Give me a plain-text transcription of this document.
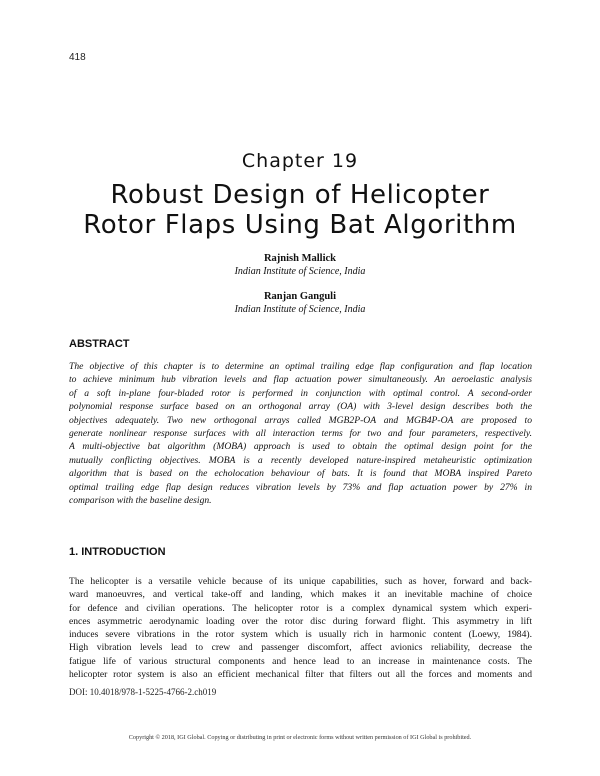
418
Chapter 19
Robust Design of Helicopter
Rotor Flaps Using Bat Algorithm
Rajnish Mallick
Indian Institute of Science, India
Ranjan Ganguli
Indian Institute of Science, India
ABSTRACT
The objective of this chapter is to determine an optimal trailing edge flap configuration and flap location
to achieve minimum hub vibration levels and flap actuation power simultaneously. An aeroelastic analysis
of a soft in-plane four-bladed rotor is performed in conjunction with optimal control. A second-order
polynomial response surface based on an orthogonal array (OA) with 3-level design describes both the
objectives adequately. Two new orthogonal arrays called MGB2P-OA and MGB4P-OA are proposed to
generate nonlinear response surfaces with all interaction terms for two and four parameters, respectively.
A multi-objective bat algorithm (MOBA) approach is used to obtain the optimal design point for the
mutually conflicting objectives. MOBA is a recently developed nature-inspired metaheuristic optimization
algorithm that is based on the echolocation behaviour of bats. It is found that MOBA inspired Pareto
optimal trailing edge flap design reduces vibration levels by 73% and flap actuation power by 27% in
comparison with the baseline design.
1. INTRODUCTION
The helicopter is a versatile vehicle because of its unique capabilities, such as hover, forward and back-
ward manoeuvres, and vertical take-off and landing, which makes it an inevitable machine of choice
for defence and civilian operations. The helicopter rotor is a complex dynamical system which experi-
ences asymmetric aerodynamic loading over the rotor disc during forward flight. This asymmetry in lift
induces severe vibrations in the rotor system which is usually rich in harmonic content (Loewy, 1984).
High vibration levels lead to crew and passenger discomfort, affect avionics reliability, decrease the
fatigue life of various structural components and hence lead to an increase in maintenance costs. The
helicopter rotor system is also an efficient mechanical filter that filters out all the forces and moments and
DOI: 10.4018/978-1-5225-4766-2.ch019
Copyright © 2018, IGI Global. Copying or distributing in print or electronic forms without written permission of IGI Global is prohibited.
